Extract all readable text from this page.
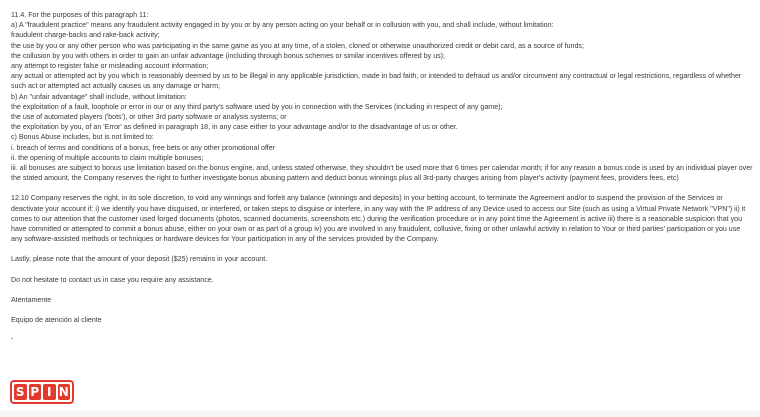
11.4. For the purposes of this paragraph 11:

a) A "fraudulent practice" means any fraudulent activity engaged in by you or by any person acting on your behalf or in collusion with you, and shall include, without limitation:

fraudulent charge-backs and rake-back activity;

the use by you or any other person who was participating in the same game as you at any time, of a stolen, cloned or otherwise unauthorized credit or debit card, as a source of funds;

the collusion by you with others in order to gain an unfair advantage (including through bonus schemes or similar incentives offered by us);

any attempt to register false or misleading account information;

any actual or attempted act by you which is reasonably deemed by us to be illegal in any applicable jurisdiction, made in bad faith, or intended to defraud us and/or circumvent any contractual or legal restrictions, regardless of whether such act or attempted act actually causes us any damage or harm;

b) An "unfair advantage" shall include, without limitation:

the exploitation of a fault, loophole or error in our or any third party's software used by you in connection with the Services (including in respect of any game);

the use of automated players ('bots'), or other 3rd party software or analysis systems; or

the exploitation by you, of an 'Error' as defined in paragraph 18, in any case either to your advantage and/or to the disadvantage of us or other.

c) Bonus Abuse includes, but is not limited to:

i. breach of terms and conditions of a bonus, free bets or any other promotional offer

ii. the opening of multiple accounts to claim multiple bonuses;

iii. all bonuses are subject to bonus use limitation based on the bonus engine, and, unless stated otherwise, they shouldn't be used more that 6 times per calendar month; if for any reason a bonus code is used by an individual player over the stated amount, the Company reserves the right to further investigate bonus abusing pattern and deduct bonus winnings plus all 3rd-party charges arising from player's activity (payment fees, providers fees, etc)

12.10 Company reserves the right, in its sole discretion, to void any winnings and forfeit any balance (winnings and deposits) in your betting account, to terminate the Agreement and/or to suspend the provision of the Services or deactivate your account if: i) we identify you have disguised, or interfered, or taken steps to disguise or interfere, in any way with the IP address of any Device used to access our Site (such as using a Virtual Private Network "VPN") ii) it comes to our attention that the customer used forged documents (photos, scanned documents, screenshots etc.) during the verification procedure or in any point time the Agreement is active iii) there is a reasonable suspicion that you have committed or attempted to commit a bonus abuse, either on your own or as part of a group iv) you are involved in any fraudulent, collusive, fixing or other unlawful activity in relation to Your or third parties' participation or you use any software-assisted methods or techniques or hardware devices for Your participation in any of the services provided by the Company.

Lastly, please note that the amount of your deposit ($25) remains in your account.

Do not hesitate to contact us in case you require any assistance.

Atentamente

Equipo de atención al cliente

-

S P I N
